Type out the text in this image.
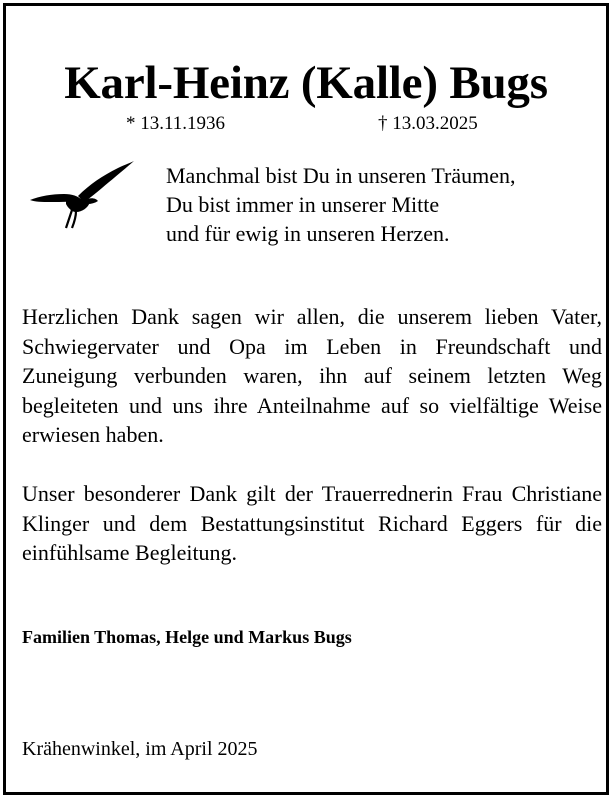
Karl-Heinz (Kalle) Bugs
* 13.11.1936	† 13.03.2025
Manchmal bist Du in unseren Träumen,
Du bist immer in unserer Mitte
und für ewig in unseren Herzen.

Herzlichen Dank sagen wir allen, die unserem lieben Vater, Schwiegervater und Opa im Leben in Freundschaft und Zuneigung verbunden waren, ihn auf seinem letzten Weg begleiteten und uns ihre Anteilnahme auf so vielfältige Weise erwiesen haben.

Unser besonderer Dank gilt der Trauerrednerin Frau Christiane Klinger und dem Bestattungsinstitut Richard Eggers für die einfühlsame Begleitung.

Familien Thomas, Helge und Markus Bugs
Krähenwinkel, im April 2025
